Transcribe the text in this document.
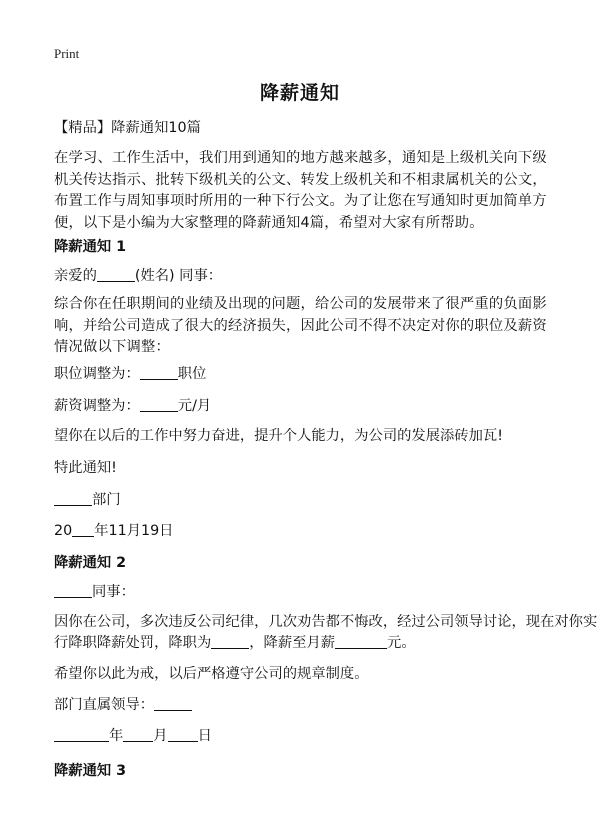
Print
降薪通知
【精品】降薪通知10篇
在学习、工作生活中，我们用到通知的地方越来越多，通知是上级机关向下级机关传达指示、批转下级机关的公文、转发上级机关和不相隶属机关的公文，布置工作与周知事项时所用的一种下行公文。为了让您在写通知时更加简单方便，以下是小编为大家整理的降薪通知4篇，希望对大家有所帮助。
降薪通知 1
亲爱的	(姓名) 同事：
综合你在任职期间的业绩及出现的问题，给公司的发展带来了很严重的负面影响，并给公司造成了很大的经济损失，因此公司不得不决定对你的职位及薪资情况做以下调整：
职位调整为：	职位
薪资调整为：	元/月
望你在以后的工作中努力奋进，提升个人能力，为公司的发展添砖加瓦!
特此通知!
部门
20 年11月19日
降薪通知 2
同事：
因你在公司，多次违反公司纪律，几次劝告都不悔改，经过公司领导讨论，现在对你实
行降职降薪处罚，降职为	，降薪至月薪	元。
希望你以此为戒，以后严格遵守公司的规章制度。
部门直属领导：
年 月 日
降薪通知 3
